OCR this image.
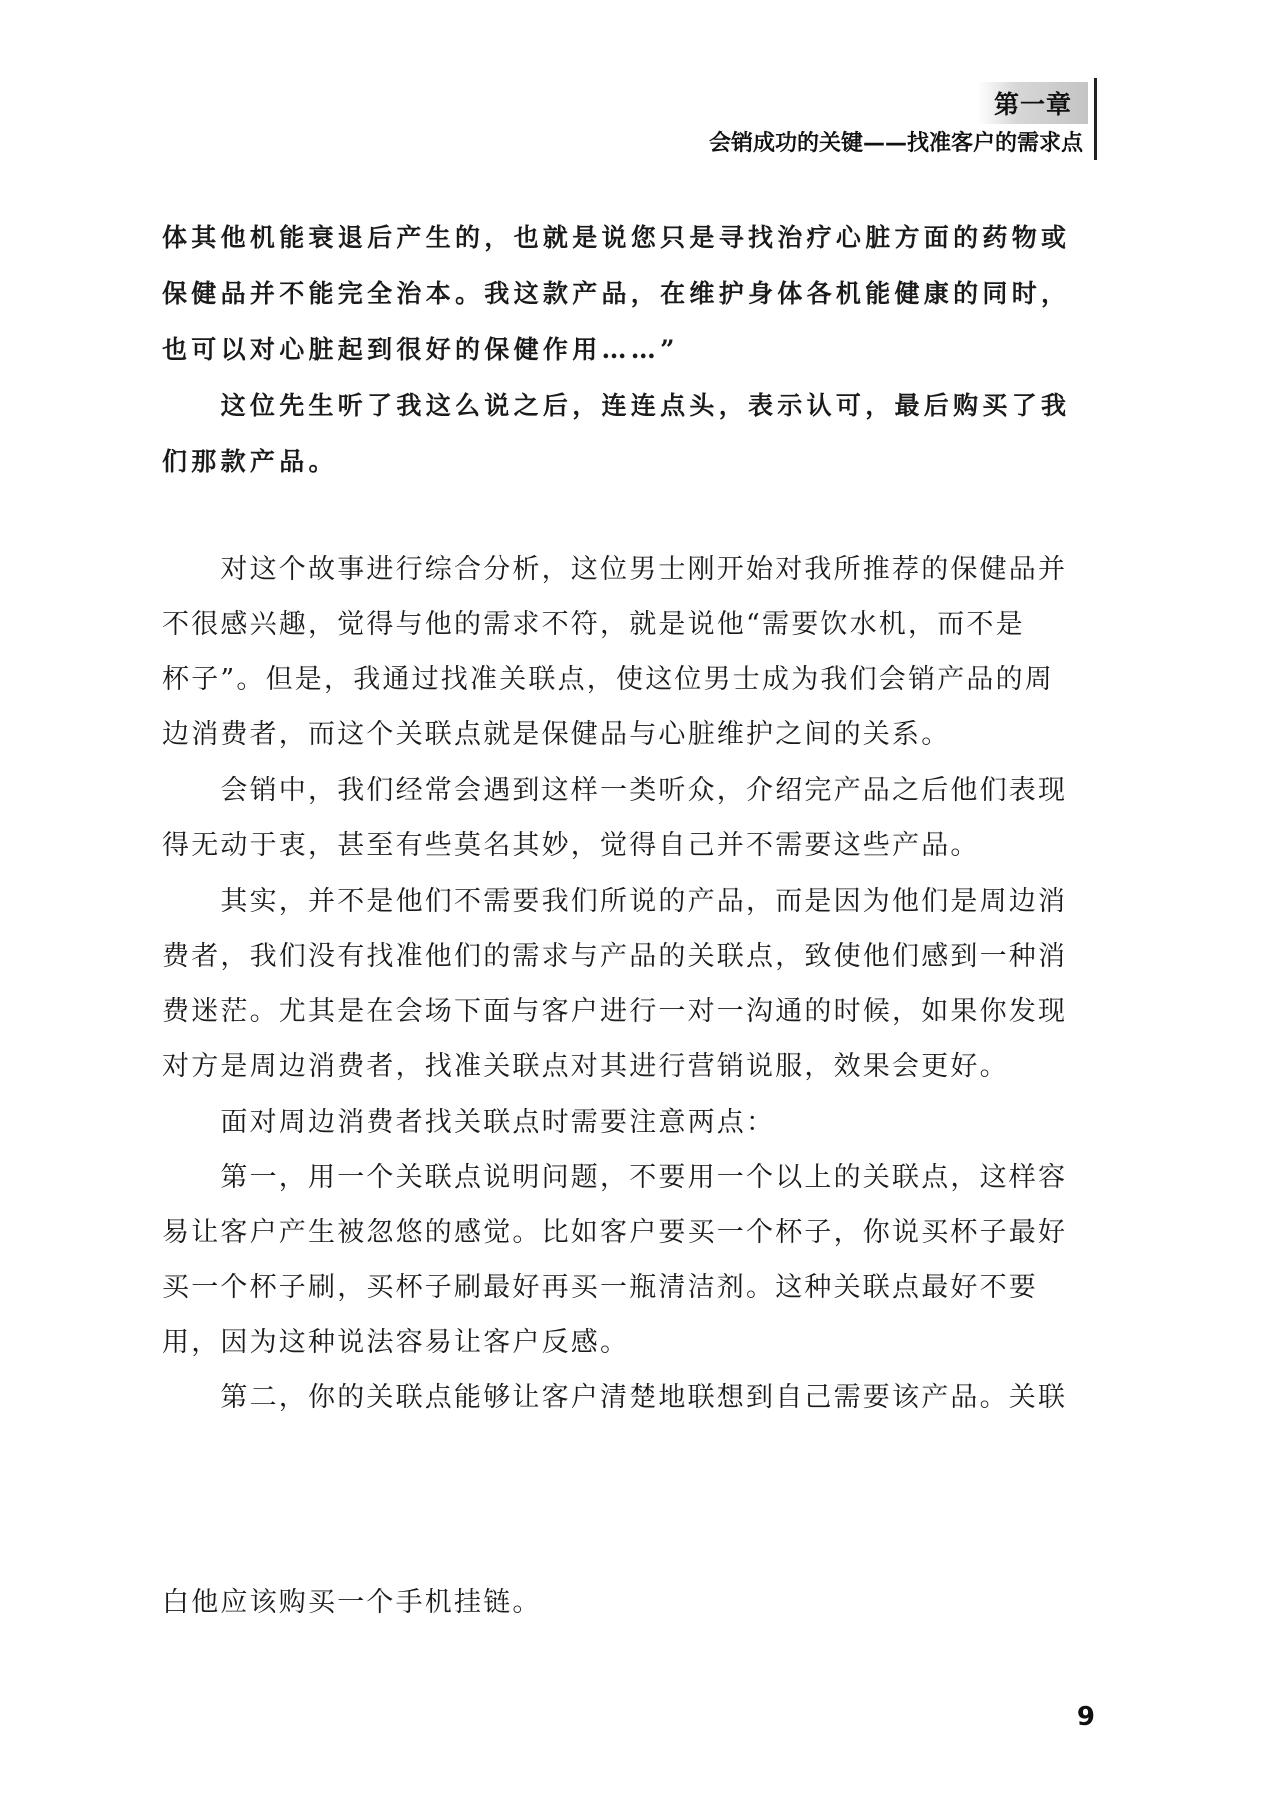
第一章
会销成功的关键——找准客户的需求点
体其他机能衰退后产生的，也就是说您只是寻找治疗心脏方面的药物或
保健品并不能完全治本。我这款产品，在维护身体各机能健康的同时，
也可以对心脏起到很好的保健作用……”
　　这位先生听了我这么说之后，连连点头，表示认可，最后购买了我
们那款产品。
　　对这个故事进行综合分析，这位男士刚开始对我所推荐的保健品并
不很感兴趣，觉得与他的需求不符，就是说他“需要饮水机，而不是
杯子”。但是，我通过找准关联点，使这位男士成为我们会销产品的周
边消费者，而这个关联点就是保健品与心脏维护之间的关系。
　　会销中，我们经常会遇到这样一类听众，介绍完产品之后他们表现
得无动于衷，甚至有些莫名其妙，觉得自己并不需要这些产品。
　　其实，并不是他们不需要我们所说的产品，而是因为他们是周边消
费者，我们没有找准他们的需求与产品的关联点，致使他们感到一种消
费迷茫。尤其是在会场下面与客户进行一对一沟通的时候，如果你发现
对方是周边消费者，找准关联点对其进行营销说服，效果会更好。
　　面对周边消费者找关联点时需要注意两点：
　　第一，用一个关联点说明问题，不要用一个以上的关联点，这样容
易让客户产生被忽悠的感觉。比如客户要买一个杯子，你说买杯子最好
买一个杯子刷，买杯子刷最好再买一瓶清洁剂。这种关联点最好不要
用，因为这种说法容易让客户反感。
　　第二，你的关联点能够让客户清楚地联想到自己需要该产品。关联
白他应该购买一个手机挂链。
9
